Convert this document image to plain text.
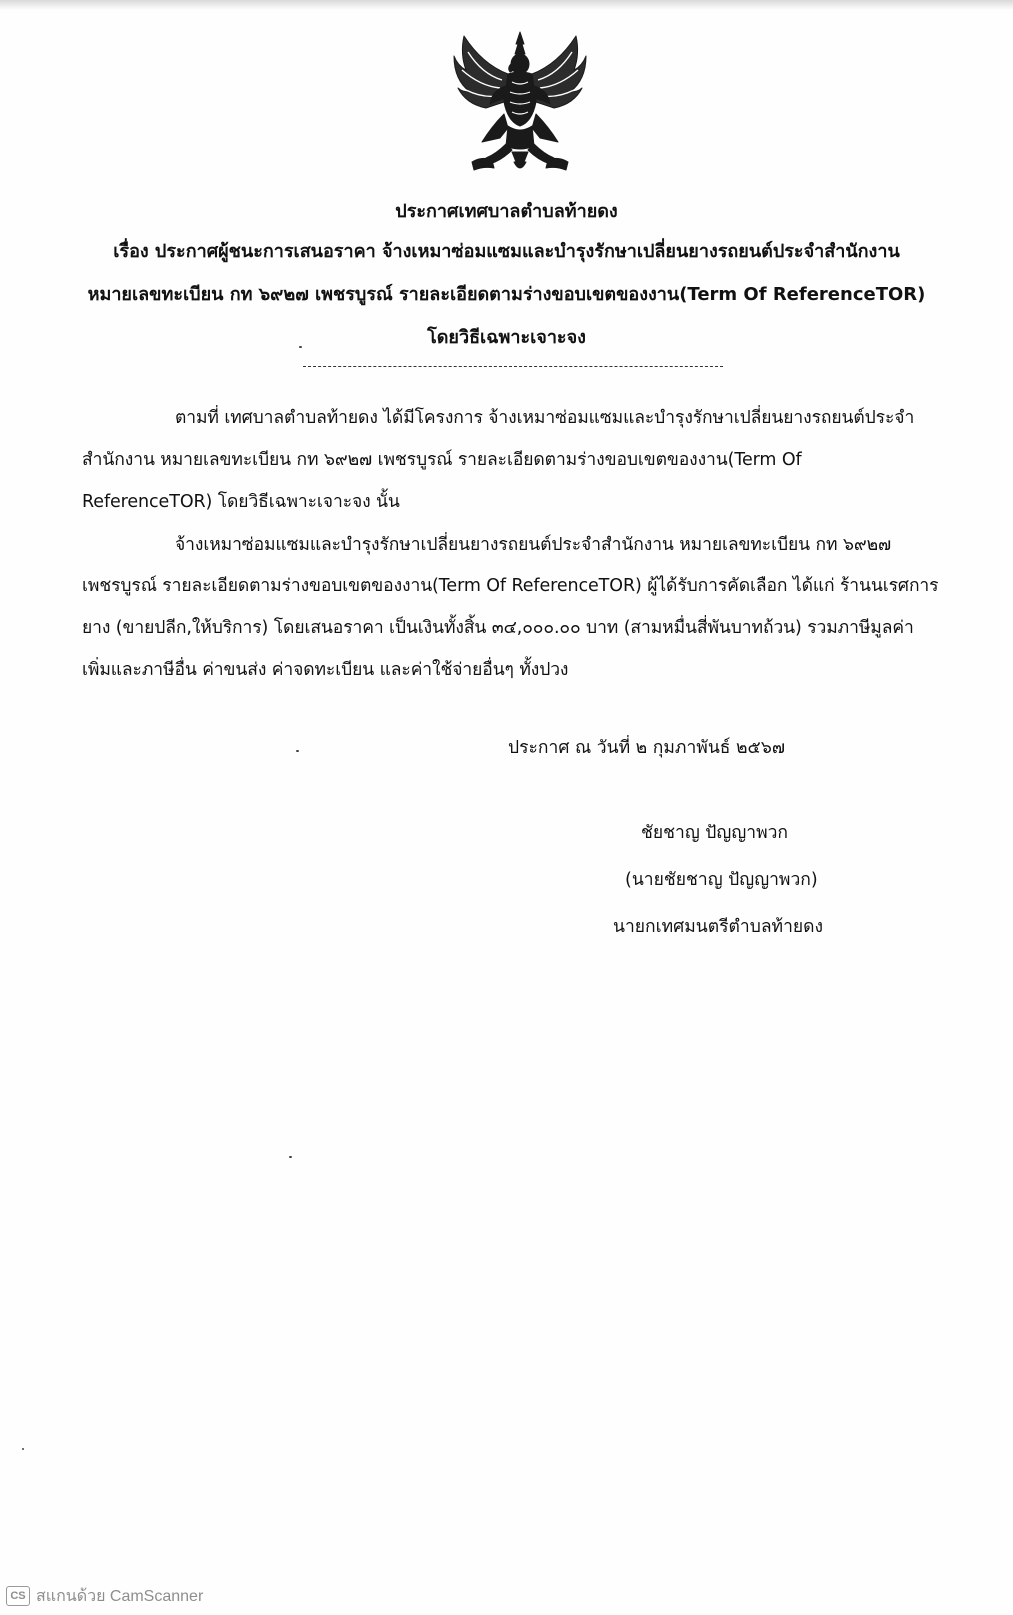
ประกาศเทศบาลตำบลท้ายดง
เรื่อง ประกาศผู้ชนะการเสนอราคา จ้างเหมาซ่อมแซมและบำรุงรักษาเปลี่ยนยางรถยนต์ประจำสำนักงาน
หมายเลขทะเบียน กท ๖๙๒๗ เพชรบูรณ์ รายละเอียดตามร่างขอบเขตของงาน(Term Of ReferenceTOR)
โดยวิธีเฉพาะเจาะจง
ตามที่ เทศบาลตำบลท้ายดง ได้มีโครงการ จ้างเหมาซ่อมแซมและบำรุงรักษาเปลี่ยนยางรถยนต์ประจำ
สำนักงาน หมายเลขทะเบียน กท ๖๙๒๗ เพชรบูรณ์ รายละเอียดตามร่างขอบเขตของงาน(Term Of
ReferenceTOR) โดยวิธีเฉพาะเจาะจง นั้น
จ้างเหมาซ่อมแซมและบำรุงรักษาเปลี่ยนยางรถยนต์ประจำสำนักงาน หมายเลขทะเบียน กท ๖๙๒๗
เพชรบูรณ์ รายละเอียดตามร่างขอบเขตของงาน(Term Of ReferenceTOR) ผู้ได้รับการคัดเลือก ได้แก่ ร้านนเรศการ
ยาง (ขายปลีก,ให้บริการ) โดยเสนอราคา เป็นเงินทั้งสิ้น ๓๔,๐๐๐.๐๐ บาท (สามหมื่นสี่พันบาทถ้วน) รวมภาษีมูลค่า
เพิ่มและภาษีอื่น ค่าขนส่ง ค่าจดทะเบียน และค่าใช้จ่ายอื่นๆ ทั้งปวง
ประกาศ ณ วันที่ ๒ กุมภาพันธ์ ๒๕๖๗
ชัยชาญ ปัญญาพวก
(นายชัยชาญ ปัญญาพวก)
นายกเทศมนตรีตำบลท้ายดง
CS สแกนด้วย CamScanner
